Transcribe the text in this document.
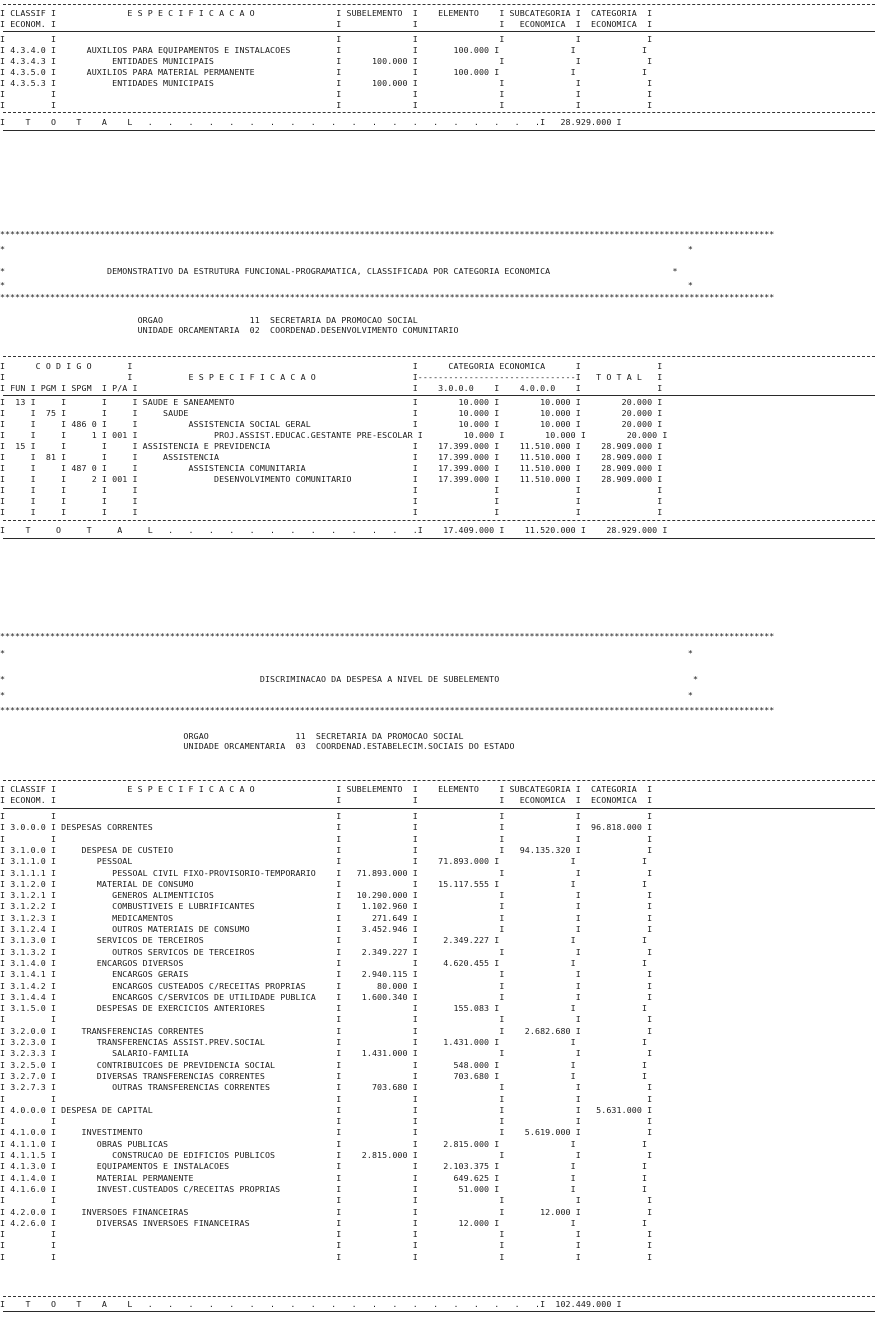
I CLASSIF I              E S P E C I F I C A C A O                I SUBELEMENTO  I    ELEMENTO    I SUBCATEGORIA I  CATEGORIA  I
I ECONOM. I                                                       I              I                I   ECONOMICA  I  ECONOMICA  I
I         I                                                       I              I                I              I             I
I 4.3.4.0 I      AUXILIOS PARA EQUIPAMENTOS E INSTALACOES         I              I       100.000 I              I             I
I 4.3.4.3 I           ENTIDADES MUNICIPAIS                        I      100.000 I                I              I             I
I 4.3.5.0 I      AUXILIOS PARA MATERIAL PERMANENTE                I              I       100.000 I              I             I
I 4.3.5.3 I           ENTIDADES MUNICIPAIS                        I      100.000 I                I              I             I
I         I                                                       I              I                I              I             I
I         I                                                       I              I                I              I             I
I    T    O    T    A    L   .   .   .   .   .   .   .   .   .   .   .   .   .   .   .   .   .   .   .   .I   28.929.000 I
***********************************************************************************************************************************************************
*                                                                                                                                      *
*                    DEMONSTRATIVO DA ESTRUTURA FUNCIONAL-PROGRAMATICA, CLASSIFICADA POR CATEGORIA ECONOMICA                        *
*                                                                                                                                      *
***********************************************************************************************************************************************************
ORGAO                 11  SECRETARIA DA PROMOCAO SOCIAL
UNIDADE ORCAMENTARIA  02  COORDENAD.DESENVOLVIMENTO COMUNITARIO
I      C O D I G O       I                                                       I      CATEGORIA ECONOMICA      I               I
I                        I           E S P E C I F I C A C A O                   I-------------------------------I   T O T A L   I
I FUN I PGM I SPGM  I P/A I                                                      I    3.0.0.0    I    4.0.0.0    I               I
I  13 I     I       I     I SAUDE E SANEAMENTO                                   I        10.000 I        10.000 I        20.000 I
I     I  75 I       I     I     SAUDE                                            I        10.000 I        10.000 I        20.000 I
I     I     I 486 0 I     I          ASSISTENCIA SOCIAL GERAL                    I        10.000 I        10.000 I        20.000 I
I     I     I     1 I 001 I               PROJ.ASSIST.EDUCAC.GESTANTE PRE-ESCOLAR I        10.000 I        10.000 I        20.000 I
I  15 I     I       I     I ASSISTENCIA E PREVIDENCIA                            I    17.399.000 I    11.510.000 I    28.909.000 I
I     I  81 I       I     I     ASSISTENCIA                                      I    17.399.000 I    11.510.000 I    28.909.000 I
I     I     I 487 0 I     I          ASSISTENCIA COMUNITARIA                     I    17.399.000 I    11.510.000 I    28.909.000 I
I     I     I     2 I 001 I               DESENVOLVIMENTO COMUNITARIO            I    17.399.000 I    11.510.000 I    28.909.000 I
I     I     I       I     I                                                      I               I               I               I
I     I     I       I     I                                                      I               I               I               I
I     I     I       I     I                                                      I               I               I               I
I    T     O     T     A     L   .   .   .   .   .   .   .   .   .   .   .   .   .I    17.409.000 I    11.520.000 I    28.929.000 I
***********************************************************************************************************************************************************
*                                                                                                                                      *
*                                                  DISCRIMINACAO DA DESPESA A NIVEL DE SUBELEMENTO                                      *
*                                                                                                                                      *
***********************************************************************************************************************************************************
ORGAO                 11  SECRETARIA DA PROMOCAO SOCIAL
UNIDADE ORCAMENTARIA  03  COORDENAD.ESTABELECIM.SOCIAIS DO ESTADO
I CLASSIF I              E S P E C I F I C A C A O                I SUBELEMENTO  I    ELEMENTO    I SUBCATEGORIA I  CATEGORIA  I
I ECONOM. I                                                       I              I                I   ECONOMICA  I  ECONOMICA  I
I         I                                                       I              I                I              I             I
I 3.0.0.0 I DESPESAS CORRENTES                                    I              I                I              I  96.818.000 I
I         I                                                       I              I                I              I             I
I 3.1.0.0 I     DESPESA DE CUSTEIO                                I              I                I   94.135.320 I             I
I 3.1.1.0 I        PESSOAL                                        I              I    71.893.000 I              I             I
I 3.1.1.1 I           PESSOAL CIVIL FIXO-PROVISORIO-TEMPORARIO    I   71.893.000 I                I              I             I
I 3.1.2.0 I        MATERIAL DE CONSUMO                            I              I    15.117.555 I              I             I
I 3.1.2.1 I           GENEROS ALIMENTICIOS                        I   10.290.000 I                I              I             I
I 3.1.2.2 I           COMBUSTIVEIS E LUBRIFICANTES                I    1.102.960 I                I              I             I
I 3.1.2.3 I           MEDICAMENTOS                                I      271.649 I                I              I             I
I 3.1.2.4 I           OUTROS MATERIAIS DE CONSUMO                 I    3.452.946 I                I              I             I
I 3.1.3.0 I        SERVICOS DE TERCEIROS                          I              I     2.349.227 I              I             I
I 3.1.3.2 I           OUTROS SERVICOS DE TERCEIROS                I    2.349.227 I                I              I             I
I 3.1.4.0 I        ENCARGOS DIVERSOS                              I              I     4.620.455 I              I             I
I 3.1.4.1 I           ENCARGOS GERAIS                             I    2.940.115 I                I              I             I
I 3.1.4.2 I           ENCARGOS CUSTEADOS C/RECEITAS PROPRIAS      I       80.000 I                I              I             I
I 3.1.4.4 I           ENCARGOS C/SERVICOS DE UTILIDADE PUBLICA    I    1.600.340 I                I              I             I
I 3.1.5.0 I        DESPESAS DE EXERCICIOS ANTERIORES              I              I       155.083 I              I             I
I         I                                                       I              I                I              I             I
I 3.2.0.0 I     TRANSFERENCIAS CORRENTES                          I              I                I    2.682.680 I             I
I 3.2.3.0 I        TRANSFERENCIAS ASSIST.PREV.SOCIAL              I              I     1.431.000 I              I             I
I 3.2.3.3 I           SALARIO-FAMILIA                             I    1.431.000 I                I              I             I
I 3.2.5.0 I        CONTRIBUICOES DE PREVIDENCIA SOCIAL            I              I       548.000 I              I             I
I 3.2.7.0 I        DIVERSAS TRANSFERENCIAS CORRENTES              I              I       703.680 I              I             I
I 3.2.7.3 I           OUTRAS TRANSFERENCIAS CORRENTES             I      703.680 I                I              I             I
I         I                                                       I              I                I              I             I
I 4.0.0.0 I DESPESA DE CAPITAL                                    I              I                I              I   5.631.000 I
I         I                                                       I              I                I              I             I
I 4.1.0.0 I     INVESTIMENTO                                      I              I                I    5.619.000 I             I
I 4.1.1.0 I        OBRAS PUBLICAS                                 I              I     2.815.000 I              I             I
I 4.1.1.5 I           CONSTRUCAO DE EDIFICIOS PUBLICOS            I    2.815.000 I                I              I             I
I 4.1.3.0 I        EQUIPAMENTOS E INSTALACOES                     I              I     2.103.375 I              I             I
I 4.1.4.0 I        MATERIAL PERMANENTE                            I              I       649.625 I              I             I
I 4.1.6.0 I        INVEST.CUSTEADOS C/RECEITAS PROPRIAS           I              I        51.000 I              I             I
I         I                                                       I              I                I              I             I
I 4.2.0.0 I     INVERSOES FINANCEIRAS                             I              I                I       12.000 I             I
I 4.2.6.0 I        DIVERSAS INVERSOES FINANCEIRAS                 I              I        12.000 I              I             I
I         I                                                       I              I                I              I             I
I         I                                                       I              I                I              I             I
I         I                                                       I              I                I              I             I
I    T    O    T    A    L   .   .   .   .   .   .   .   .   .   .   .   .   .   .   .   .   .   .   .   .I  102.449.000 I
